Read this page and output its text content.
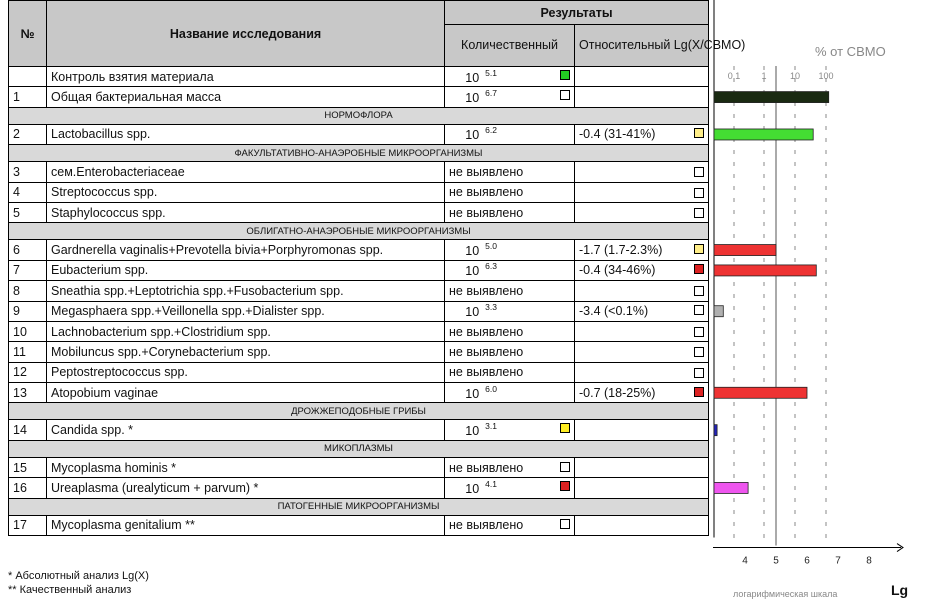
№	Название исследования	Результаты	
		Количественный	Относительный Lg(X/СВМО)
	Контроль взятия материала	10 $^{5.1}$

1	Общая бактериальная масса	10 $^{6.7}$

НОРМОФЛОРА			
2	Lactobacillus spp.	10 $^{6.2}$	-0.4 (31-41%)

ФАКУЛЬТАТИВНО-АНАЭРОБНЫЕ МИКРООРГАНИЗМЫ			
3	сем.Enterobacteriaceae	не выявлено	

4	Streptococcus spp.	не выявлено	

5	Staphylococcus spp.	не выявлено	

ОБЛИГАТНО-АНАЭРОБНЫЕ МИКРООРГАНИЗМЫ			
6	Gardnerella vaginalis+Prevotella bivia+Porphyromonas spp.	10 $^{5.0}$	-1.7 (1.7-2.3%)

7	Eubacterium spp.	10 $^{6.3}$	-0.4 (34-46%)

8	Sneathia spp.+Leptotrichia spp.+Fusobacterium spp.	не выявлено	

9	Megasphaera spp.+Veillonella spp.+Dialister spp.	10 $^{3.3}$	-3.4 (<0.1%)

10	Lachnobacterium spp.+Clostridium spp.	не выявлено	

11	Mobiluncus spp.+Corynebacterium spp.	не выявлено	

12	Peptostreptococcus spp.	не выявлено	

13	Atopobium vaginae	10 $^{6.0}$	-0.7 (18-25%)

ДРОЖЖЕПОДОБНЫЕ ГРИБЫ			
14	Candida spp. *	10 $^{3.1}$

МИКОПЛАЗМЫ			
15	Mycoplasma hominis *	не выявлено

16	Ureaplasma (urealyticum + parvum) *	10 $^{4.1}$

ПАТОГЕННЫЕ МИКРООРГАНИЗМЫ			
17	Mycoplasma genitalium **	не выявлено

* Абсолютный анализ Lg(X)
** Качественный анализ
0.1 1	10 100
4	5	6	7	8
% от СВМО
логарифмическая шкала	Lg
